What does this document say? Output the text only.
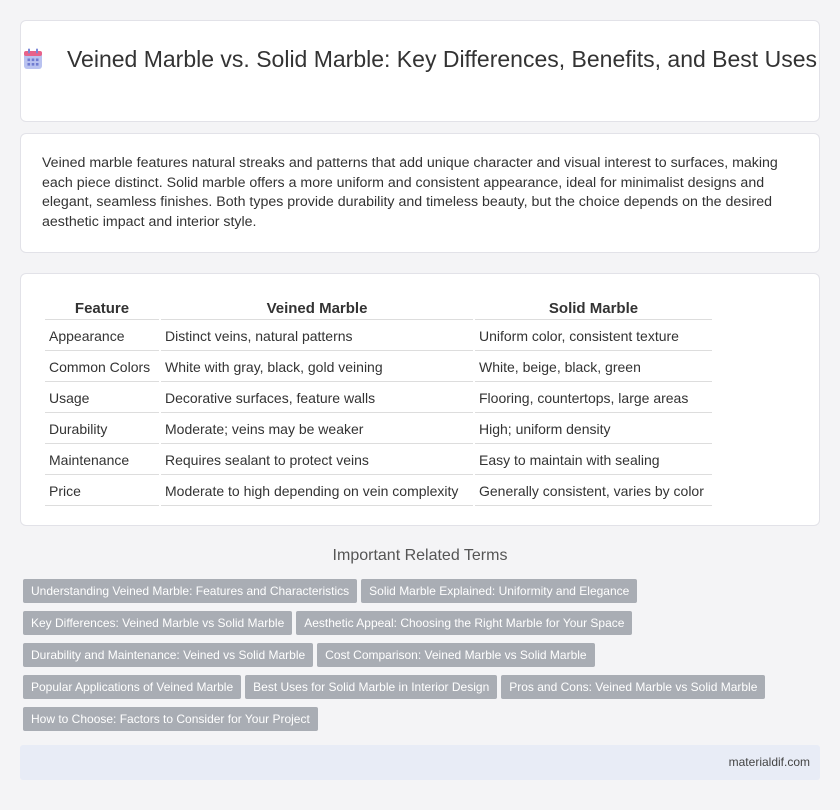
Veined Marble vs. Solid Marble: Key Differences, Benefits, and Best Uses

Veined marble features natural streaks and patterns that add unique character and visual interest to surfaces, making each piece distinct. Solid marble offers a more uniform and consistent appearance, ideal for minimalist designs and elegant, seamless finishes. Both types provide durability and timeless beauty, but the choice depends on the desired aesthetic impact and interior style.

Feature	Veined Marble	Solid Marble
Appearance	Distinct veins, natural patterns	Uniform color, consistent texture
Common Colors	White with gray, black, gold veining	White, beige, black, green
Usage	Decorative surfaces, feature walls	Flooring, countertops, large areas
Durability	Moderate; veins may be weaker	High; uniform density
Maintenance	Requires sealant to protect veins	Easy to maintain with sealing
Price	Moderate to high depending on vein complexity	Generally consistent, varies by color
Important Related Terms
Understanding Veined Marble: Features and Characteristics Solid Marble Explained: Uniformity and Elegance
Key Differences: Veined Marble vs Solid Marble Aesthetic Appeal: Choosing the Right Marble for Your Space
Durability and Maintenance: Veined vs Solid Marble Cost Comparison: Veined Marble vs Solid Marble
Popular Applications of Veined Marble Best Uses for Solid Marble in Interior Design Pros and Cons: Veined Marble vs Solid Marble
How to Choose: Factors to Consider for Your Project
materialdif.com
